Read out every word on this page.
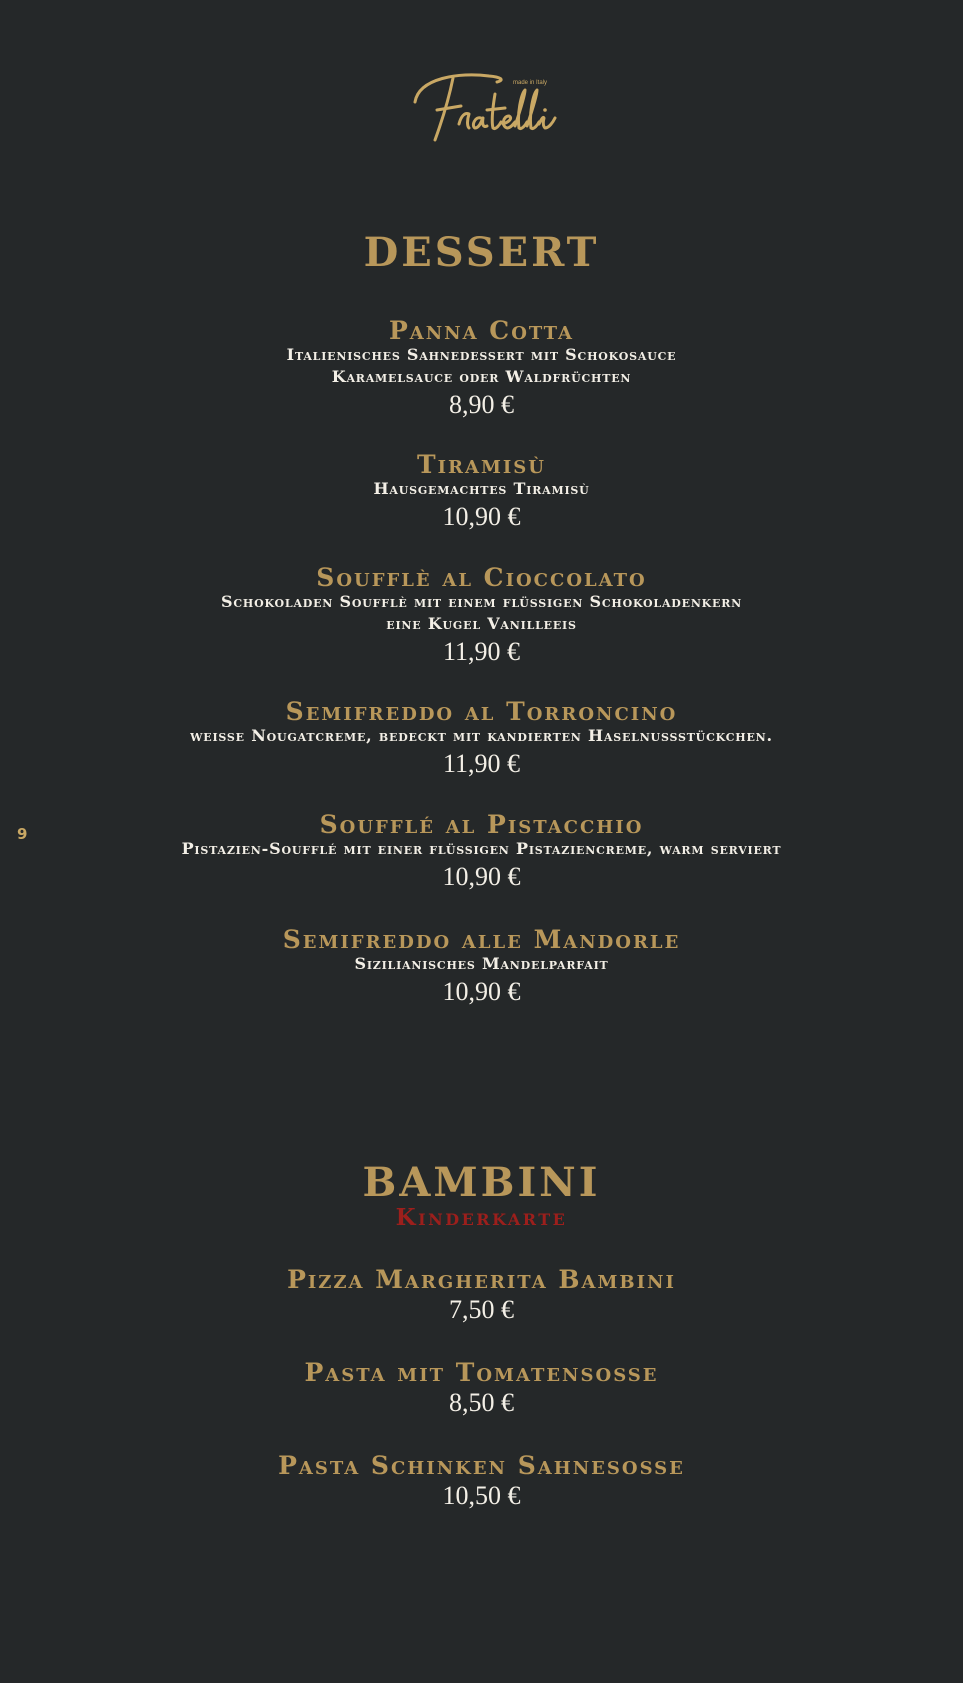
made in Italy
9
DESSERT
Panna Cotta
Italienisches Sahnedessert mit Schokosauce
Karamelsauce oder Waldfrüchten
8,90 €
Tiramisù
Hausgemachtes Tiramisù
10,90 €
Soufflè al Cioccolato
Schokoladen Soufflè mit einem flüssigen Schokoladenkern
eine Kugel Vanilleeis
11,90 €
Semifreddo al Torroncino
weisse Nougatcreme, bedeckt mit kandierten Haselnussstückchen.
11,90 €
Soufflé al Pistacchio
Pistazien-Soufflé mit einer flüssigen Pistaziencreme, warm serviert
10,90 €
Semifreddo alle Mandorle
Sizilianisches Mandelparfait
10,90 €
BAMBINI
Kinderkarte
Pizza Margherita Bambini
7,50 €
Pasta mit Tomatensosse
8,50 €
Pasta Schinken Sahnesosse
10,50 €
